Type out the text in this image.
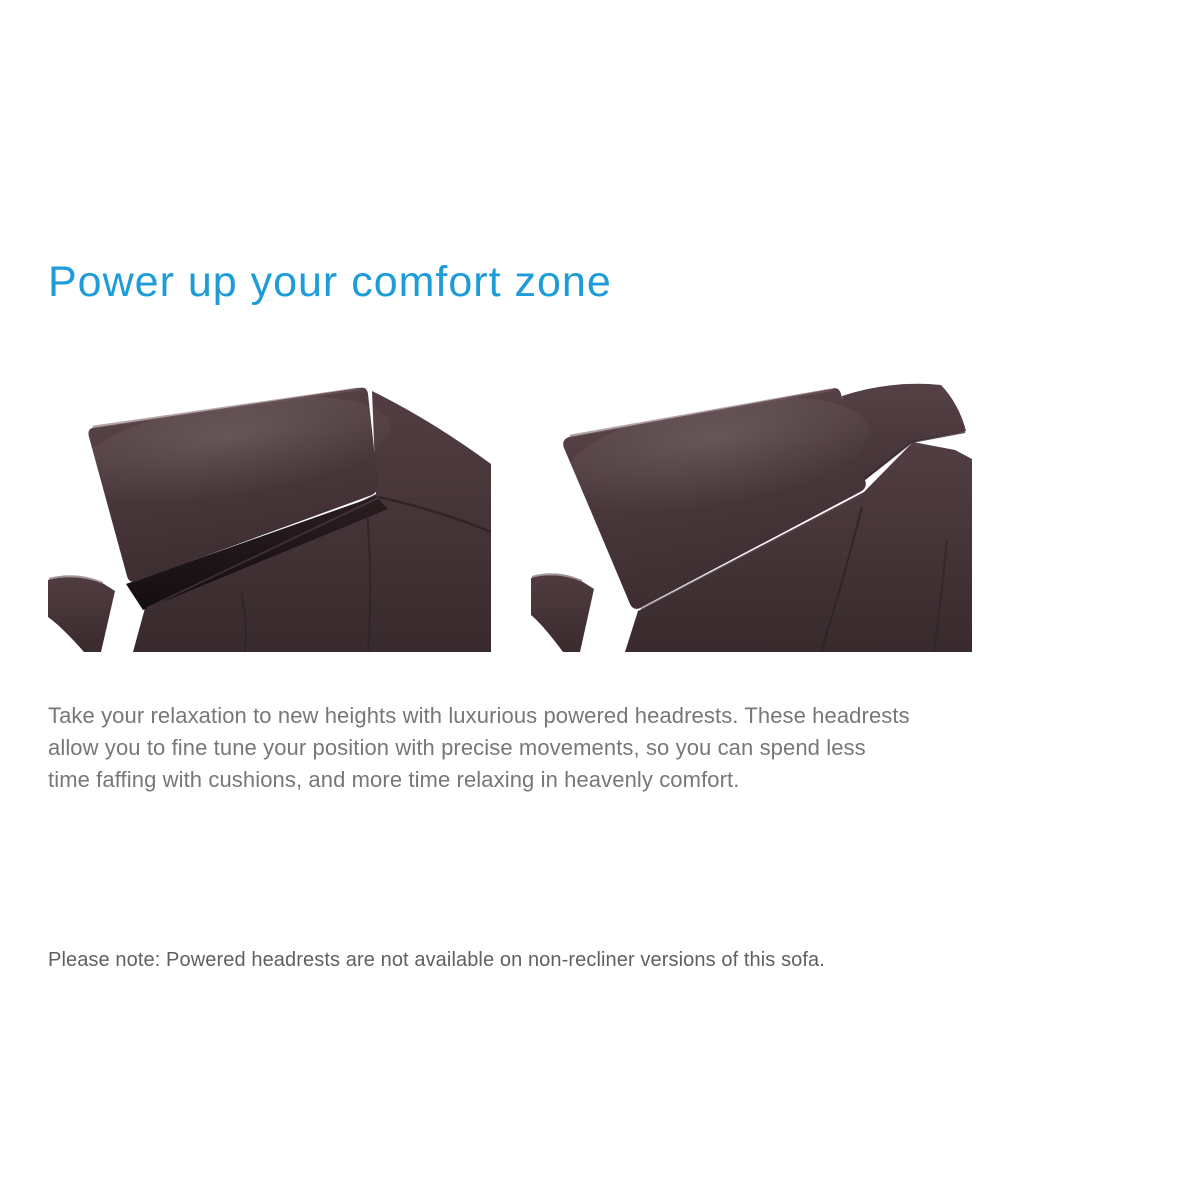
Power up your comfort zone
Take your relaxation to new heights with luxurious powered headrests. These headrests
allow you to fine tune your position with precise movements, so you can spend less
time faffing with cushions, and more time relaxing in heavenly comfort.
Please note: Powered headrests are not available on non-recliner versions of this sofa.
